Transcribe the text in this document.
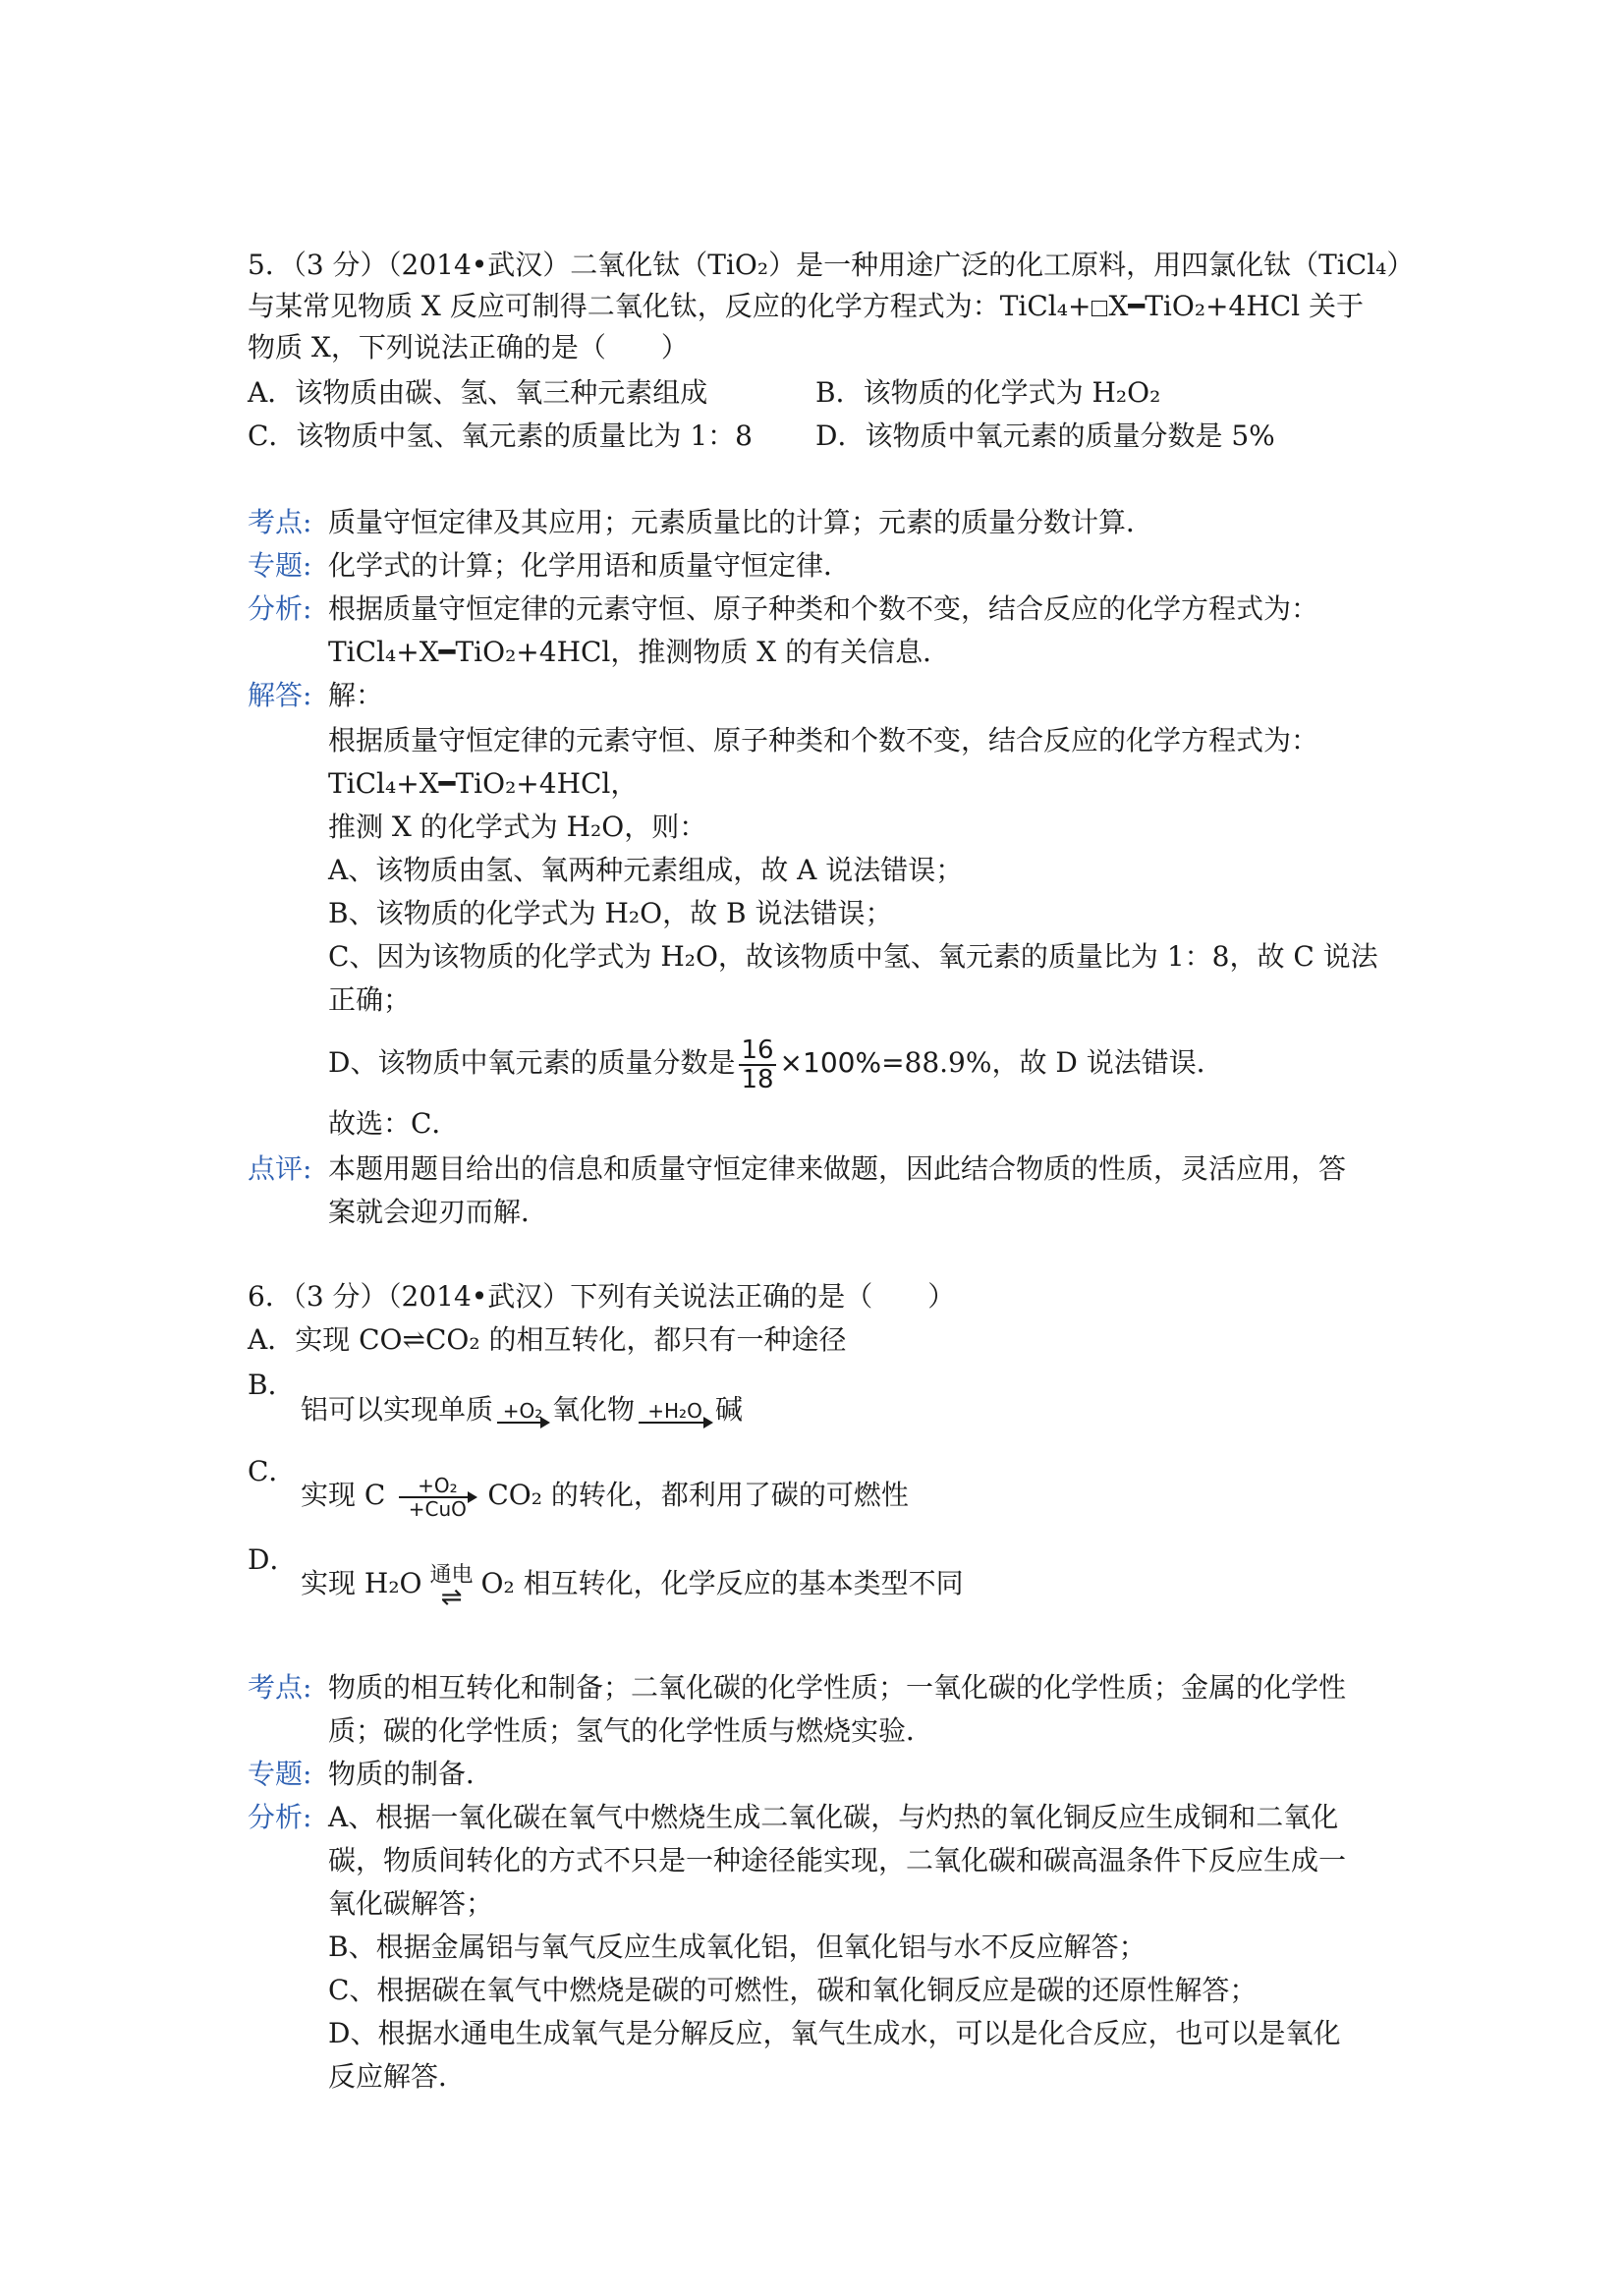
5．（3 分）（2014•武汉）二氧化钛（TiO₂）是一种用途广泛的化工原料，用四氯化钛（TiCl₄）
与某常见物质 X 反应可制得二氧化钛，反应的化学方程式为：TiCl₄+ X━TiO₂+4HCl 关于
物质 X，下列说法正确的是（　　）
A．该物质由碳、氢、氧三种元素组成	B．该物质的化学式为 H₂O₂
C．该物质中氢、氧元素的质量比为 1：8 D．该物质中氧元素的质量分数是 5%
考点: 质量守恒定律及其应用；元素质量比的计算；元素的质量分数计算．
专题: 化学式的计算；化学用语和质量守恒定律．
分析: 根据质量守恒定律的元素守恒、原子种类和个数不变，结合反应的化学方程式为：
TiCl₄+X━TiO₂+4HCl，推测物质 X 的有关信息．
解答: 解：
根据质量守恒定律的元素守恒、原子种类和个数不变，结合反应的化学方程式为：
TiCl₄+X━TiO₂+4HCl，
推测 X 的化学式为 H₂O，则：
A、该物质由氢、氧两种元素组成，故 A 说法错误；
B、该物质的化学式为 H₂O，故 B 说法错误；
C、因为该物质的化学式为 H₂O，故该物质中氢、氧元素的质量比为 1：8，故 C 说法
正确；
D、该物质中氧元素的质量分数是 $\frac{16}{18} \times 100\%=88.9\%$，故 D 说法错误．
故选：C．
点评: 本题用题目给出的信息和质量守恒定律来做题，因此结合物质的性质，灵活应用，答
案就会迎刃而解．
6．（3 分）（2014•武汉）下列有关说法正确的是（　　）
A．实现 CO⇌CO₂ 的相互转化，都只有一种途径
B．
铝可以实现单质 +O₂ 氧化物 +H₂O 碱
C．
实现 C	+O₂
+CuO CO₂ 的转化，都利用了碳的可燃性
D．
实现 H₂O 通电
⇌ O₂ 相互转化，化学反应的基本类型不同
考点: 物质的相互转化和制备；二氧化碳的化学性质；一氧化碳的化学性质；金属的化学性
质；碳的化学性质；氢气的化学性质与燃烧实验．
专题: 物质的制备．
分析: A、根据一氧化碳在氧气中燃烧生成二氧化碳，与灼热的氧化铜反应生成铜和二氧化
碳，物质间转化的方式不只是一种途径能实现，二氧化碳和碳高温条件下反应生成一
氧化碳解答；
B、根据金属铝与氧气反应生成氧化铝，但氧化铝与水不反应解答；
C、根据碳在氧气中燃烧是碳的可燃性，碳和氧化铜反应是碳的还原性解答；
D、根据水通电生成氧气是分解反应，氧气生成水，可以是化合反应，也可以是氧化
反应解答．
